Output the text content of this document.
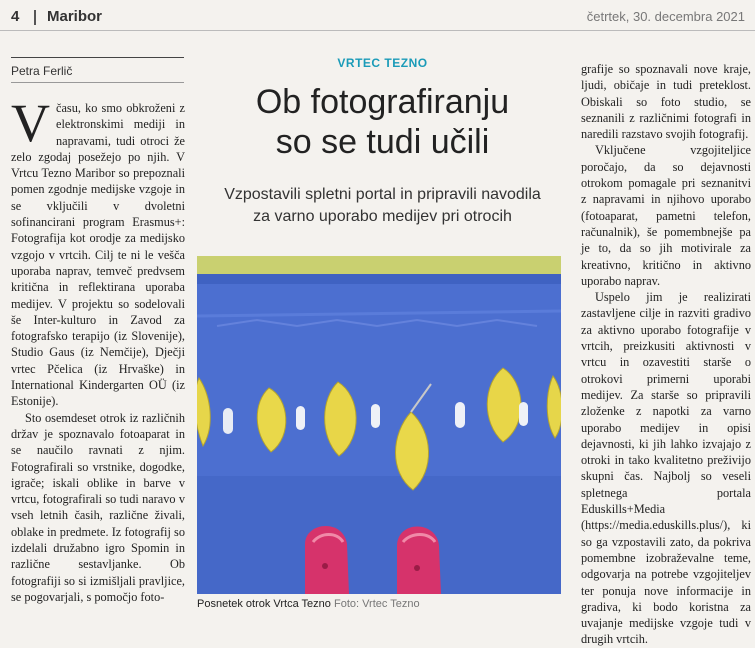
4 Maribor	četrtek, 30. decembra 2021
Petra Ferlič

Včasu, ko smo obkroženi z elektronskimi mediji in napravami, tudi otroci že zelo zgodaj posežejo po njih. V Vrtcu Tezno Maribor so prepoznali pomen zgodnje medijske vzgoje in se vključili v dvoletni sofinancirani program Erasmus+: Fotografija kot orodje za medijsko vzgojo v vrtcih. Cilj te ni le vešča uporaba naprav, temveč predvsem kritična in reflektirana uporaba medijev. V projektu so sodelovali še Inter-kulturo in Zavod za fotografsko terapijo (iz Slovenije), Studio Gaus (iz Nemčije), Dječji vrtec Pčelica (iz Hrvaške) in International Kindergarten OÜ (iz Estonije).

Sto osemdeset otrok iz različnih držav je spoznavalo fotoaparat in se naučilo ravnati z njim. Fotografirali so vrstnike, dogodke, igrače; iskali oblike in barve v vrtcu, fotografirali so tudi naravo v vseh letnih časih, različne živali, oblake in predmete. Iz fotografij so izdelali družabno igro Spomin in različne sestavljanke. Ob fotografiji so si izmišljali pravljice, se pogovarjali, s pomočjo foto-

VRTEC TEZNO
Ob fotografiranju
so se tudi učili
Vzpostavili spletni portal in pripravili navodila
za varno uporabo medijev pri otrocih
Posnetek otrok Vrtca Tezno Foto: Vrtec Tezno

grafije so spoznavali nove kraje, ljudi, običaje in tudi preteklost. Obiskali so foto studio, se seznanili z različnimi fotografi in naredili razstavo svojih fotografij.

Vključene vzgojiteljice poročajo, da so dejavnosti otrokom pomagale pri seznanitvi z napravami in njihovo uporabo (fotoaparat, pametni telefon, računalnik), še pomembnejše pa je to, da so jih motivirale za kreativno, kritično in aktivno uporabo naprav.

Uspelo jim je realizirati zastavljene cilje in razviti gradivo za aktivno uporabo fotografije v vrtcih, preizkusiti aktivnosti v vrtcu in ozavestiti starše o otrokovi primerni uporabi medijev. Za starše so pripravili zloženke z napotki za varno uporabo medijev in opisi dejavnosti, ki jih lahko izvajajo z otroki in tako kvalitetno preživijo skupni čas. Najbolj so veseli spletnega portala Eduskills+Media (https://media.eduskills.plus/), ki so ga vzpostavili zato, da pokriva pomembne izobraževalne teme, odgovarja na potrebe vzgojiteljev ter ponuja nove informacije in gradiva, ki bodo koristna za uvajanje medijske vzgoje tudi v drugih vrtcih.
